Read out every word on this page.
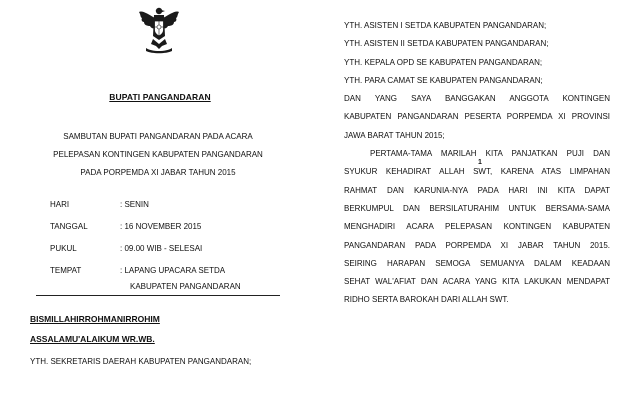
BUPATI PANGANDARAN
SAMBUTAN BUPATI PANGANDARAN PADA ACARA
PELEPASAN KONTINGEN KABUPATEN PANGANDARAN
PADA PORPEMDA XI JABAR TAHUN 2015
HARI	: SENIN
TANGGAL	: 16 NOVEMBER 2015
PUKUL	: 09.00 WIB - SELESAI
TEMPAT	: LAPANG UPACARA SETDA
KABUPATEN PANGANDARAN
BISMILLAHIRROHMANIRROHIM
ASSALAMU'ALAIKUM WR.WB.
YTH. SEKRETARIS DAERAH KABUPATEN PANGANDARAN;
YTH. ASISTEN I SETDA KABUPATEN PANGANDARAN;
YTH. ASISTEN II SETDA KABUPATEN PANGANDARAN;
YTH. KEPALA OPD SE KABUPATEN PANGANDARAN;
YTH. PARA CAMAT SE KABUPATEN PANGANDARAN;
DAN YANG SAYA BANGGAKAN ANGGOTA KONTINGEN
KABUPATEN PANGANDARAN PESERTA PORPEMDA XI PROVINSI
JAWA BARAT TAHUN 2015;
PERTAMA-TAMA MARILAH KITA PANJATKAN PUJI DAN
SYUKUR KEHADIRAT ALLAH SWT, KARENA ATAS LIMPAHAN
RAHMAT DAN KARUNIA-NYA PADA HARI INI KITA DAPAT
BERKUMPUL DAN BERSILATURAHIM UNTUK BERSAMA-SAMA
MENGHADIRI ACARA PELEPASAN KONTINGEN KABUPATEN
PANGANDARAN PADA PORPEMDA XI JABAR TAHUN 2015.
SEIRING HARAPAN SEMOGA SEMUANYA DALAM KEADAAN
SEHAT WAL'AFIAT DAN ACARA YANG KITA LAKUKAN MENDAPAT
RIDHO SERTA BAROKAH DARI ALLAH SWT.
1
